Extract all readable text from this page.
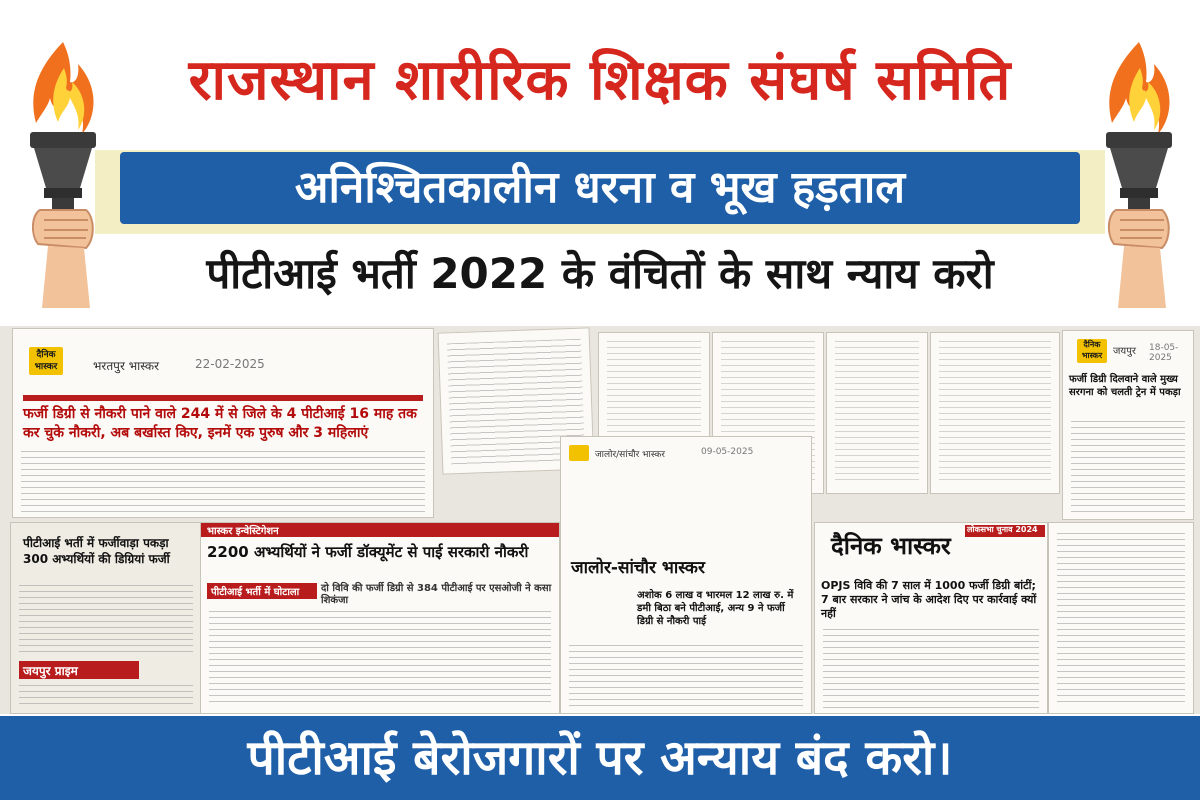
राजस्थान शारीरिक शिक्षक संघर्ष समिति
अनिश्चितकालीन धरना व भूख हड़ताल
पीटीआई भर्ती 2022 के वंचितों के साथ न्याय करो
दैनिक भास्कर	भरतपुर भास्कर	22-02-2025
फर्जी डिग्री से नौकरी पाने वाले 244 में से जिले के 4 पीटीआई 16 माह तक कर चुके नौकरी, अब बर्खास्त किए, इनमें एक पुरुष और 3 महिलाएं
दैनिक भास्कर	जयपुर 18-05-2025
फर्जी डिग्री दिलवाने वाले मुख्य सरगना को चलती ट्रेन में पकड़ा
पीटीआई भर्ती में फर्जीवाड़ा पकड़ा 300 अभ्यर्थियों की डिग्रियां फर्जी
जयपुर प्राइम
भास्कर इन्वेस्टिगेशन
2200 अभ्यर्थियों ने फर्जी डॉक्यूमेंट से पाई सरकारी नौकरी
पीटीआई भर्ती में घोटाला दो विवि की फर्जी डिग्री से 384 पीटीआई पर एसओजी ने कसा शिकंजा
जालोर/सांचौर भास्कर	09-05-2025
जालोर-सांचौर भास्कर
अशोक 6 लाख व भारमल 12 लाख रु. में डमी बिठा बने पीटीआई, अन्य 9 ने फर्जी डिग्री से नौकरी पाई
दैनिक भास्कर
लोकसभा चुनाव 2024
OPJS विवि की 7 साल में 1000 फर्जी डिग्री बांटीं; 7 बार सरकार ने जांच के आदेश दिए पर कार्रवाई क्यों नहीं
पीटीआई बेरोजगारों पर अन्याय बंद करो।
